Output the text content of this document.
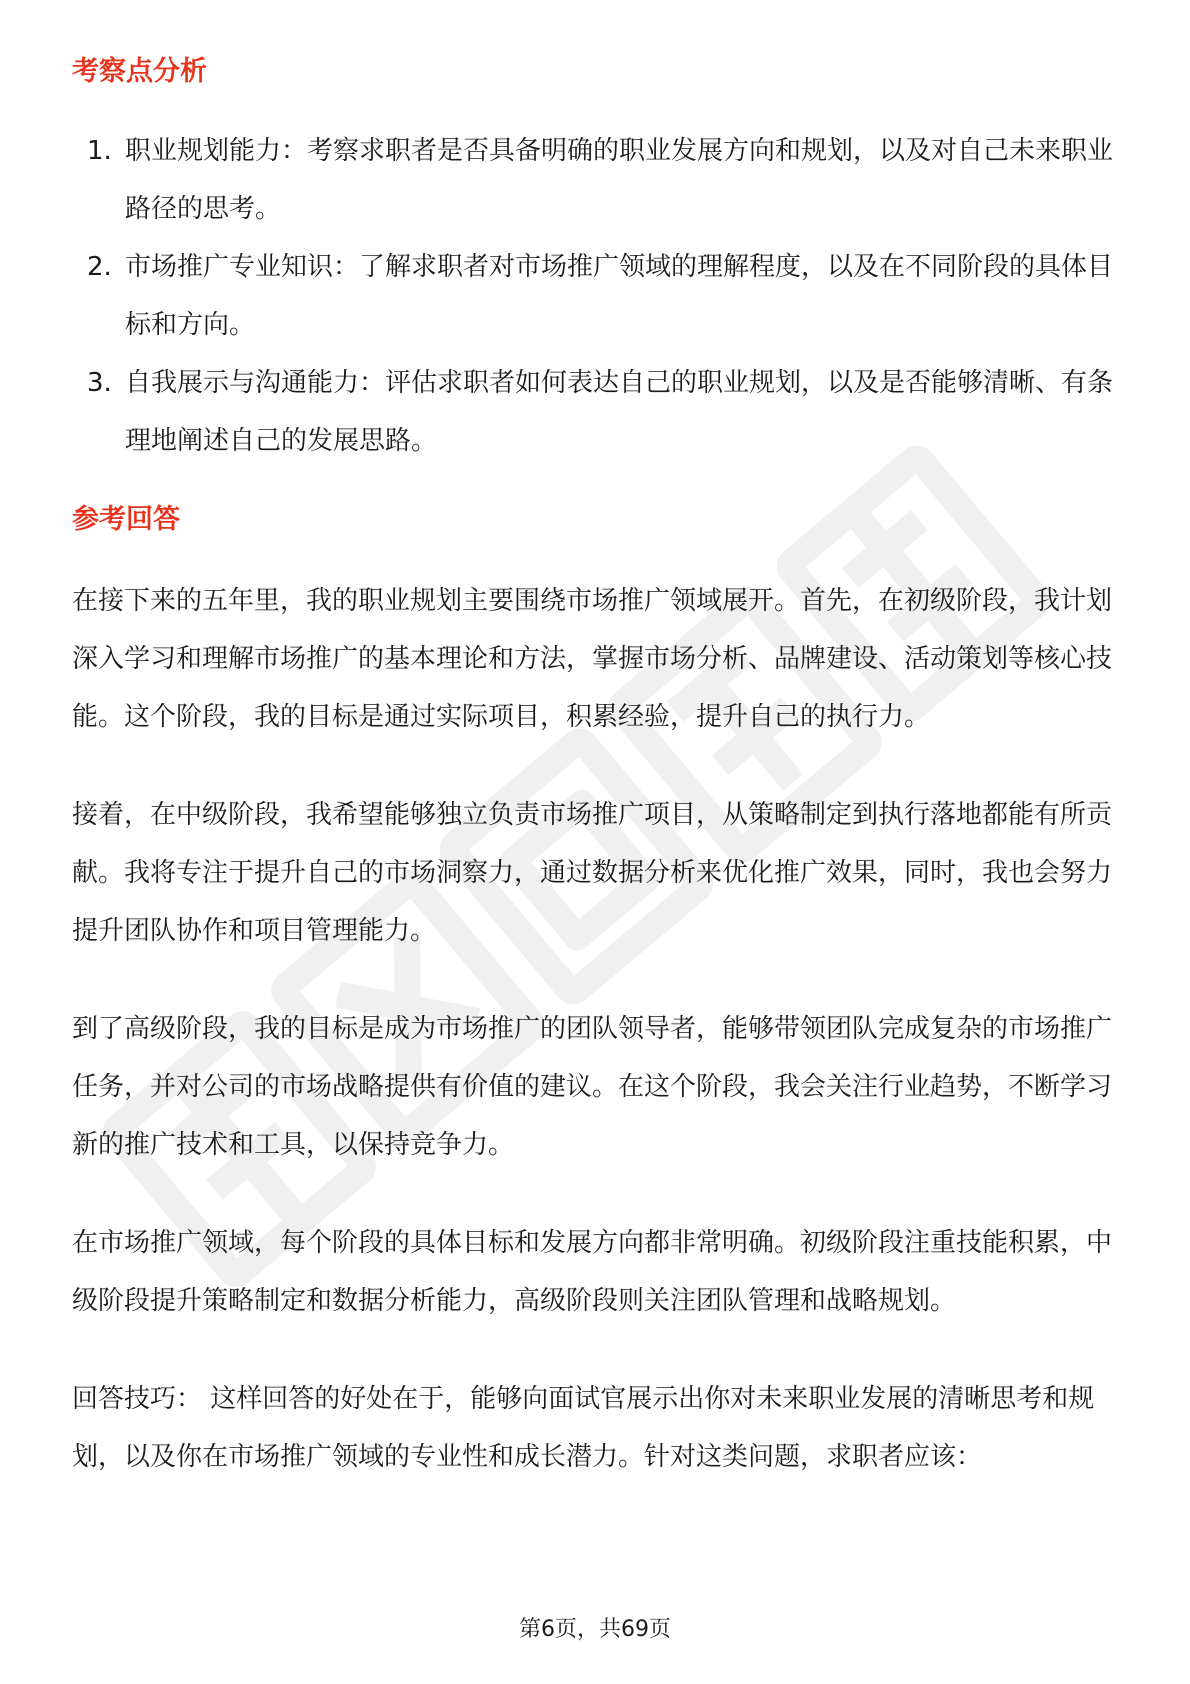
考察点分析
1. 职业规划能力：考察求职者是否具备明确的职业发展方向和规划，以及对自己未来职业路径的思考。
2. 市场推广专业知识：了解求职者对市场推广领域的理解程度，以及在不同阶段的具体目标和方向。
3. 自我展示与沟通能力：评估求职者如何表达自己的职业规划，以及是否能够清晰、有条理地阐述自己的发展思路。
参考回答

在接下来的五年里，我的职业规划主要围绕市场推广领域展开。首先，在初级阶段，我计划深入学习和理解市场推广的基本理论和方法，掌握市场分析、品牌建设、活动策划等核心技能。这个阶段，我的目标是通过实际项目，积累经验，提升自己的执行力。

接着，在中级阶段，我希望能够独立负责市场推广项目，从策略制定到执行落地都能有所贡献。我将专注于提升自己的市场洞察力，通过数据分析来优化推广效果，同时，我也会努力提升团队协作和项目管理能力。

到了高级阶段，我的目标是成为市场推广的团队领导者，能够带领团队完成复杂的市场推广任务，并对公司的市场战略提供有价值的建议。在这个阶段，我会关注行业趋势，不断学习新的推广技术和工具，以保持竞争力。

在市场推广领域，每个阶段的具体目标和发展方向都非常明确。初级阶段注重技能积累，中级阶段提升策略制定和数据分析能力，高级阶段则关注团队管理和战略规划。

回答技巧： 这样回答的好处在于，能够向面试官展示出你对未来职业发展的清晰思考和规划，以及你在市场推广领域的专业性和成长潜力。针对这类问题，求职者应该：

第6页，共69页
